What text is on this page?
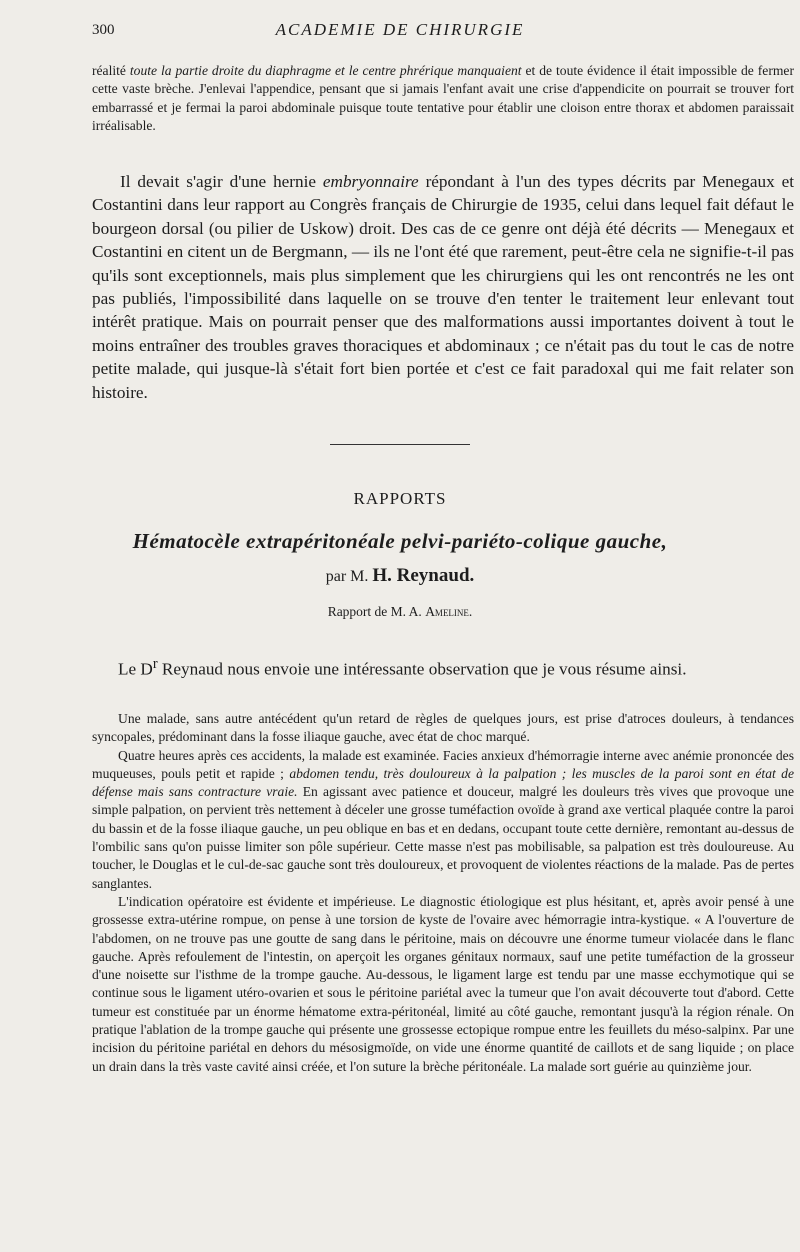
300	ACADEMIE DE CHIRURGIE

réalité toute la partie droite du diaphragme et le centre phrérique manquaient et de toute évidence il était impossible de fermer cette vaste brèche. J'enlevai l'appendice, pensant que si jamais l'enfant avait une crise d'appendicite on pourrait se trouver fort embarrassé et je fermai la paroi abdominale puisque toute tentative pour établir une cloison entre thorax et abdomen paraissait irréalisable.

Il devait s'agir d'une hernie embryonnaire répondant à l'un des types décrits par Menegaux et Costantini dans leur rapport au Congrès français de Chirurgie de 1935, celui dans lequel fait défaut le bourgeon dorsal (ou pilier de Uskow) droit. Des cas de ce genre ont déjà été décrits — Menegaux et Costantini en citent un de Bergmann, — ils ne l'ont été que rarement, peut-être cela ne signifie-t-il pas qu'ils sont exceptionnels, mais plus simplement que les chirurgiens qui les ont rencontrés ne les ont pas publiés, l'impossibilité dans laquelle on se trouve d'en tenter le traitement leur enlevant tout intérêt pratique. Mais on pourrait penser que des malformations aussi importantes doivent à tout le moins entraîner des troubles graves thoraciques et abdominaux ; ce n'était pas du tout le cas de notre petite malade, qui jusque-là s'était fort bien portée et c'est ce fait paradoxal qui me fait relater son histoire.

RAPPORTS
Hématocèle extrapéritonéale pelvi-pariéto-colique gauche,
par M. H. Reynaud.
Rapport de M. A. Ameline.

Le $D^r$ Reynaud nous envoie une intéressante observation que je vous résume ainsi.

Une malade, sans autre antécédent qu'un retard de règles de quelques jours, est prise d'atroces douleurs, à tendances syncopales, prédominant dans la fosse iliaque gauche, avec état de choc marqué.

Quatre heures après ces accidents, la malade est examinée. Facies anxieux d'hémorragie interne avec anémie prononcée des muqueuses, pouls petit et rapide ; abdomen tendu, très douloureux à la palpation ; les muscles de la paroi sont en état de défense mais sans contracture vraie. En agissant avec patience et douceur, malgré les douleurs très vives que provoque une simple palpation, on pervient très nettement à déceler une grosse tuméfaction ovoïde à grand axe vertical plaquée contre la paroi du bassin et de la fosse iliaque gauche, un peu oblique en bas et en dedans, occupant toute cette dernière, remontant au-dessus de l'ombilic sans qu'on puisse limiter son pôle supérieur. Cette masse n'est pas mobilisable, sa palpation est très douloureuse. Au toucher, le Douglas et le cul-de-sac gauche sont très douloureux, et provoquent de violentes réactions de la malade. Pas de pertes sanglantes.

L'indication opératoire est évidente et impérieuse. Le diagnostic étiologique est plus hésitant, et, après avoir pensé à une grossesse extra-utérine rompue, on pense à une torsion de kyste de l'ovaire avec hémorragie intra-kystique. « A l'ouverture de l'abdomen, on ne trouve pas une goutte de sang dans le péritoine, mais on découvre une énorme tumeur violacée dans le flanc gauche. Après refoulement de l'intestin, on aperçoit les organes génitaux normaux, sauf une petite tuméfaction de la grosseur d'une noisette sur l'isthme de la trompe gauche. Au-dessous, le ligament large est tendu par une masse ecchymotique qui se continue sous le ligament utéro-ovarien et sous le péritoine pariétal avec la tumeur que l'on avait découverte tout d'abord. Cette tumeur est constituée par un énorme hématome extra-péritonéal, limité au côté gauche, remontant jusqu'à la région rénale. On pratique l'ablation de la trompe gauche qui présente une grossesse ectopique rompue entre les feuillets du méso-salpinx. Par une incision du péritoine pariétal en dehors du mésosigmoïde, on vide une énorme quantité de caillots et de sang liquide ; on place un drain dans la très vaste cavité ainsi créée, et l'on suture la brèche péritonéale. La malade sort guérie au quinzième jour.
